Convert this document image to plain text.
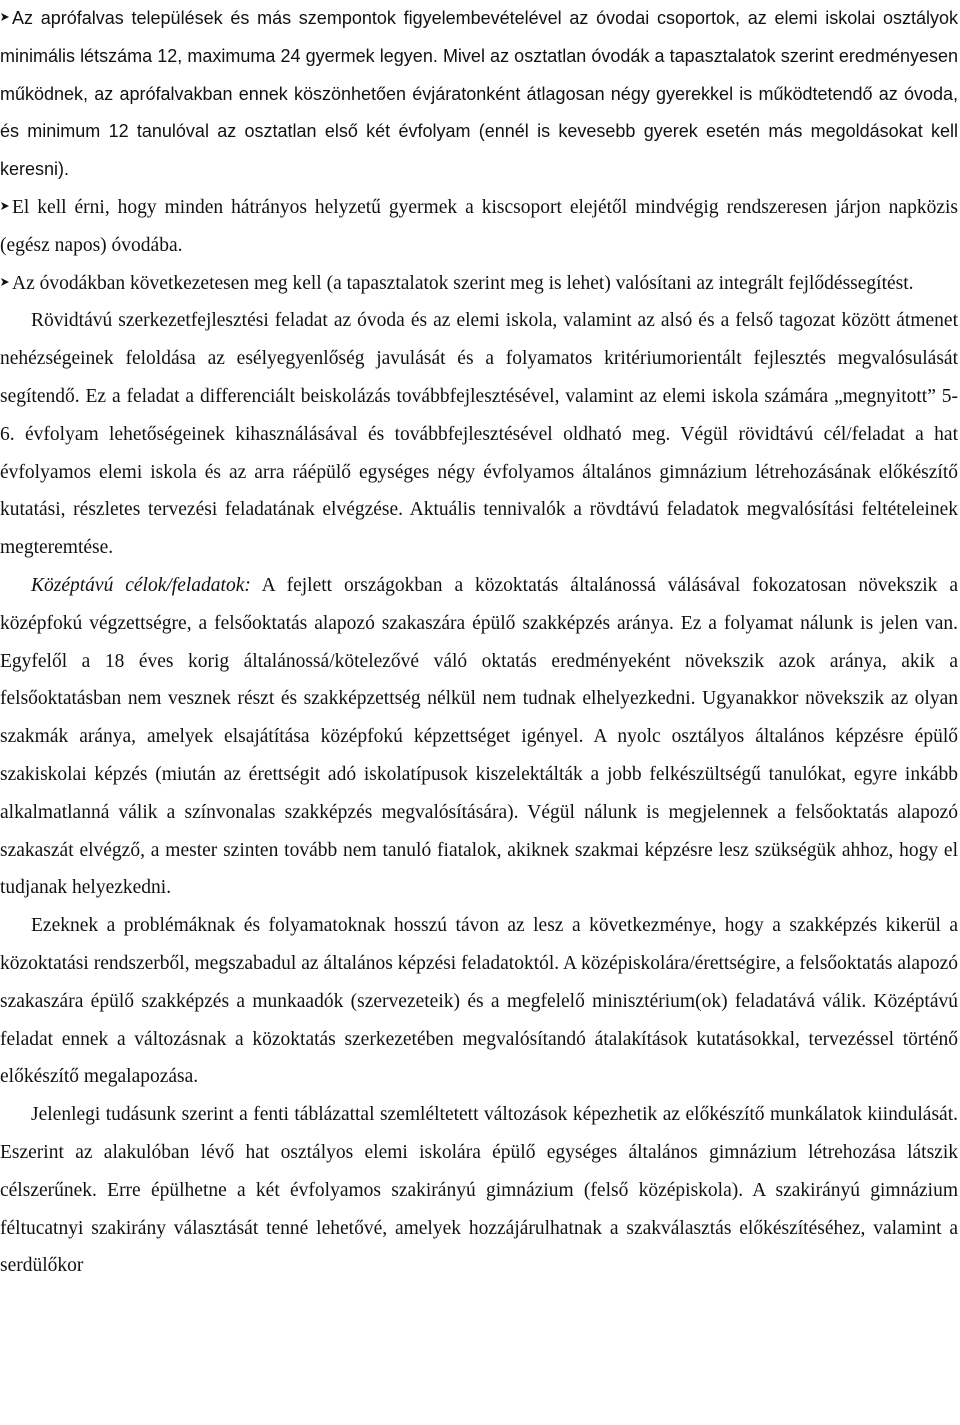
Az aprófalvas települések és más szempontok figyelembevételével az óvodai csoportok, az elemi iskolai osztályok minimális létszáma 12, maximuma 24 gyermek legyen. Mivel az osztatlan óvodák a tapasztalatok szerint eredményesen működnek, az aprófalvakban ennek köszönhetően évjáratonként átlagosan négy gyerekkel is működtetendő az óvoda, és minimum 12 tanulóval az osztatlan első két évfolyam (ennél is kevesebb gyerek esetén más megoldásokat kell keresni).

El kell érni, hogy minden hátrányos helyzetű gyermek a kiscsoport elejétől mindvégig rendszeresen járjon napközis (egész napos) óvodába.

Az óvodákban következetesen meg kell (a tapasztalatok szerint meg is lehet) valósítani az integrált fejlődéssegítést.

Rövidtávú szerkezetfejlesztési feladat az óvoda és az elemi iskola, valamint az alsó és a felső tagozat között átmenet nehézségeinek feloldása az esélyegyenlőség javulását és a folyamatos kritériumorientált fejlesztés megvalósulását segítendő. Ez a feladat a differenciált beiskolázás továbbfejlesztésével, valamint az elemi iskola számára „megnyitott” 5-6. évfolyam lehetőségeinek kihasználásával és továbbfejlesztésével oldható meg. Végül rövidtávú cél/feladat a hat évfolyamos elemi iskola és az arra ráépülő egységes négy évfolyamos általános gimnázium létrehozásának előkészítő kutatási, részletes tervezési feladatának elvégzése. Aktuális tennivalók a rövdtávú feladatok megvalósítási feltételeinek megteremtése.

Középtávú célok/feladatok: A fejlett országokban a közoktatás általánossá válásával fokozatosan növekszik a középfokú végzettségre, a felsőoktatás alapozó szakaszára épülő szakképzés aránya. Ez a folyamat nálunk is jelen van. Egyfelől a 18 éves korig általánossá/kötelezővé váló oktatás eredményeként növekszik azok aránya, akik a felsőoktatásban nem vesznek részt és szakképzettség nélkül nem tudnak elhelyezkedni. Ugyanakkor növekszik az olyan szakmák aránya, amelyek elsajátítása középfokú képzettséget igényel. A nyolc osztályos általános képzésre épülő szakiskolai képzés (miután az érettségit adó iskolatípusok kiszelektálták a jobb felkészültségű tanulókat, egyre inkább alkalmatlanná válik a színvonalas szakképzés megvalósítására). Végül nálunk is megjelennek a felsőoktatás alapozó szakaszát elvégző, a mester szinten tovább nem tanuló fiatalok, akiknek szakmai képzésre lesz szükségük ahhoz, hogy el tudjanak helyezkedni.

Ezeknek a problémáknak és folyamatoknak hosszú távon az lesz a következménye, hogy a szakképzés kikerül a közoktatási rendszerből, megszabadul az általános képzési feladatoktól. A középiskolára/érettségire, a felsőoktatás alapozó szakaszára épülő szakképzés a munkaadók (szervezeteik) és a megfelelő minisztérium(ok) feladatává válik. Középtávú feladat ennek a változásnak a közoktatás szerkezetében megvalósítandó átalakítások kutatásokkal, tervezéssel történő előkészítő megalapozása.

Jelenlegi tudásunk szerint a fenti táblázattal szemléltetett változások képezhetik az előkészítő munkálatok kiindulását. Eszerint az alakulóban lévő hat osztályos elemi iskolára épülő egységes általános gimnázium létrehozása látszik célszerűnek. Erre épülhetne a két évfolyamos szakirányú gimnázium (felső középiskola). A szakirányú gimnázium féltucatnyi szakirány választását tenné lehetővé, amelyek hozzájárulhatnak a szakválasztás előkészítéséhez, valamint a serdülőkor
